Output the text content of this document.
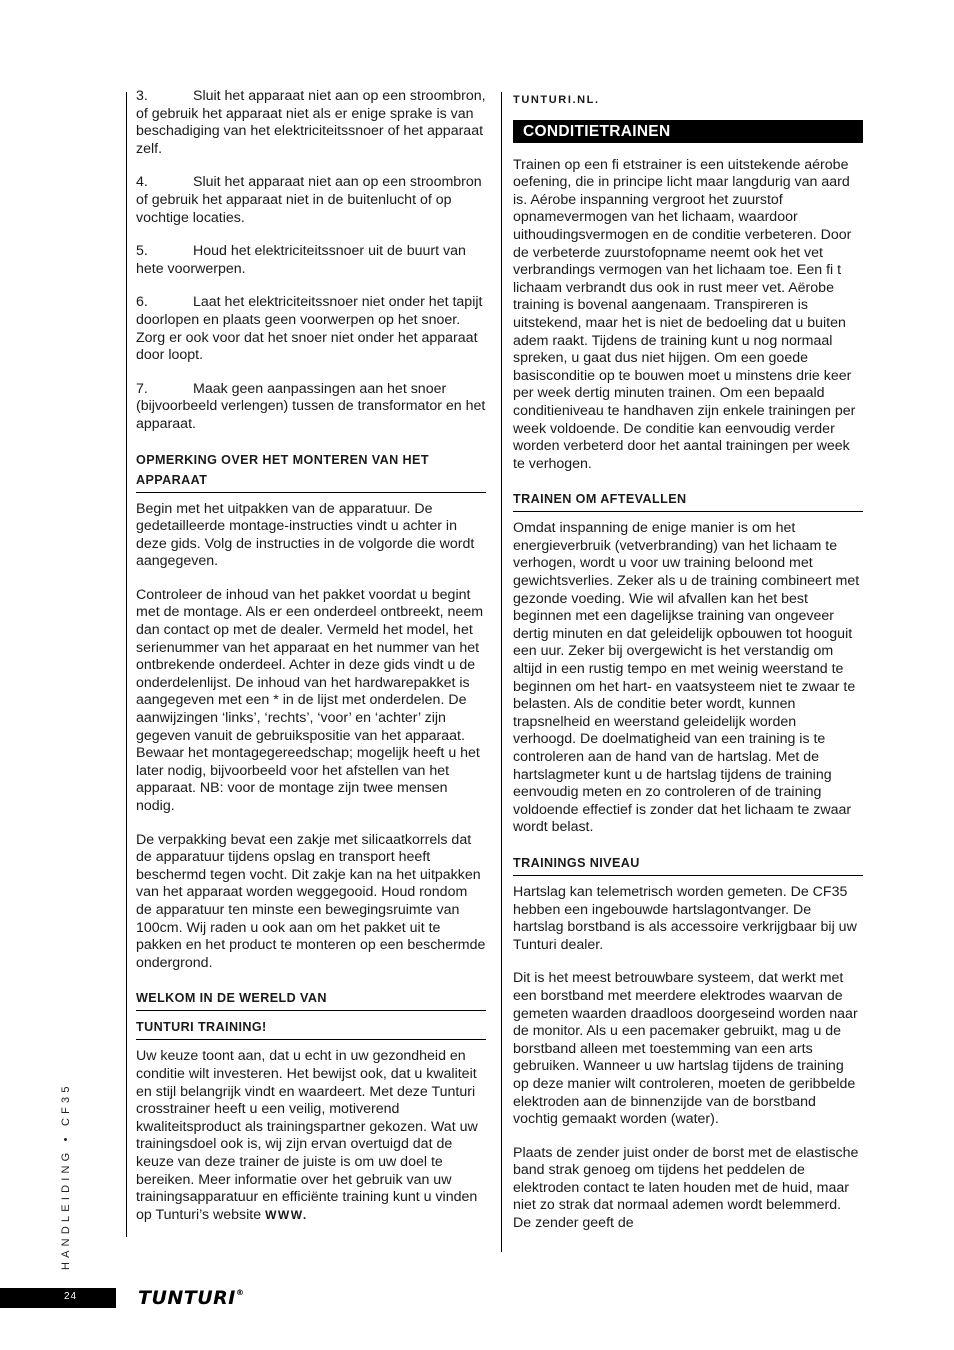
3.	Sluit het apparaat niet aan op een stroombron, of gebruik het apparaat niet als er enige sprake is van beschadiging van het elektriciteitssnoer of het apparaat zelf.

4.	Sluit het apparaat niet aan op een stroombron of gebruik het apparaat niet in de buitenlucht of op vochtige locaties.

5.	Houd het elektriciteitssnoer uit de buurt van hete voorwerpen.

6.	Laat het elektriciteitssnoer niet onder het tapijt doorlopen en plaats geen voorwerpen op het snoer. Zorg er ook voor dat het snoer niet onder het apparaat door loopt.

7.	Maak geen aanpassingen aan het snoer (bijvoorbeeld verlengen) tussen de transformator en het apparaat.

OPMERKING OVER HET MONTEREN VAN HET APPARAAT

Begin met het uitpakken van de apparatuur. De gedetailleerde montage-instructies vindt u achter in deze gids. Volg de instructies in de volgorde die wordt aangegeven.

Controleer de inhoud van het pakket voordat u begint met de montage. Als er een onderdeel ontbreekt, neem dan contact op met de dealer. Vermeld het model, het serienummer van het apparaat en het nummer van het ontbrekende onderdeel. Achter in deze gids vindt u de onderdelenlijst. De inhoud van het hardwarepakket is aangegeven met een * in de lijst met onderdelen. De aanwijzingen ‘links’, ‘rechts’, ‘voor’ en ‘achter’ zijn gegeven vanuit de gebruikspositie van het apparaat. Bewaar het montagegereedschap; mogelijk heeft u het later nodig, bijvoorbeeld voor het afstellen van het apparaat. NB: voor de montage zijn twee mensen nodig.

De verpakking bevat een zakje met silicaatkorrels dat de apparatuur tijdens opslag en transport heeft beschermd tegen vocht. Dit zakje kan na het uitpakken van het apparaat worden weggegooid. Houd rondom de apparatuur ten minste een bewegingsruimte van 100cm. Wij raden u ook aan om het pakket uit te pakken en het product te monteren op een beschermde ondergrond.

WELKOM IN DE WERELD VAN
TUNTURI TRAINING!

Uw keuze toont aan, dat u echt in uw gezondheid en conditie wilt investeren. Het bewijst ook, dat u kwaliteit en stijl belangrijk vindt en waardeert. Met deze Tunturi crosstrainer heeft u een veilig, motiverend kwaliteitsproduct als trainingspartner gekozen. Wat uw trainingsdoel ook is, wij zijn ervan overtuigd dat de keuze van deze trainer de juiste is om uw doel te bereiken. Meer informatie over het gebruik van uw trainingsapparatuur en efficiënte training kunt u vinden op Tunturi’s website WWW.

TUNTURI.NL.
CONDITIETRAINEN

Trainen op een fi etstrainer is een uitstekende aérobe oefening, die in principe licht maar langdurig van aard is. Aérobe inspanning vergroot het zuurstof opnamevermogen van het lichaam, waardoor uithoudingsvermogen en de conditie verbeteren. Door de verbeterde zuurstofopname neemt ook het vet verbrandings vermogen van het lichaam toe. Een fi t lichaam verbrandt dus ook in rust meer vet. Aërobe training is bovenal aangenaam. Transpireren is uitstekend, maar het is niet de bedoeling dat u buiten adem raakt. Tijdens de training kunt u nog normaal spreken, u gaat dus niet hijgen. Om een goede basisconditie op te bouwen moet u minstens drie keer per week dertig minuten trainen. Om een bepaald conditieniveau te handhaven zijn enkele trainingen per week voldoende. De conditie kan eenvoudig verder worden verbeterd door het aantal trainingen per week te verhogen.

TRAINEN OM AFTEVALLEN

Omdat inspanning de enige manier is om het energieverbruik (vetverbranding) van het lichaam te verhogen, wordt u voor uw training beloond met gewichtsverlies. Zeker als u de training combineert met gezonde voeding. Wie wil afvallen kan het best beginnen met een dagelijkse training van ongeveer dertig minuten en dat geleidelijk opbouwen tot hooguit een uur. Zeker bij overgewicht is het verstandig om altijd in een rustig tempo en met weinig weerstand te beginnen om het hart- en vaatsysteem niet te zwaar te belasten. Als de conditie beter wordt, kunnen trapsnelheid en weerstand geleidelijk worden verhoogd. De doelmatigheid van een training is te controleren aan de hand van de hartslag. Met de hartslagmeter kunt u de hartslag tijdens de training eenvoudig meten en zo controleren of de training voldoende effectief is zonder dat het lichaam te zwaar wordt belast.

TRAININGS NIVEAU

Hartslag kan telemetrisch worden gemeten. De CF35 hebben een ingebouwde hartslagontvanger. De hartslag borstband is als accessoire verkrijgbaar bij uw Tunturi dealer.

Dit is het meest betrouwbare systeem, dat werkt met een borstband met meerdere elektrodes waarvan de gemeten waarden draadloos doorgeseind worden naar de monitor. Als u een pacemaker gebruikt, mag u de borstband alleen met toestemming van een arts gebruiken. Wanneer u uw hartslag tijdens de training op deze manier wilt controleren, moeten de geribbelde elektroden aan de binnenzijde van de borstband vochtig gemaakt worden (water).

Plaats de zender juist onder de borst met de elastische band strak genoeg om tijdens het peddelen de elektroden contact te laten houden met de huid, maar niet zo strak dat normaal ademen wordt belemmerd. De zender geeft de

HANDLEIDING • CF35
24	TUNTURI®
